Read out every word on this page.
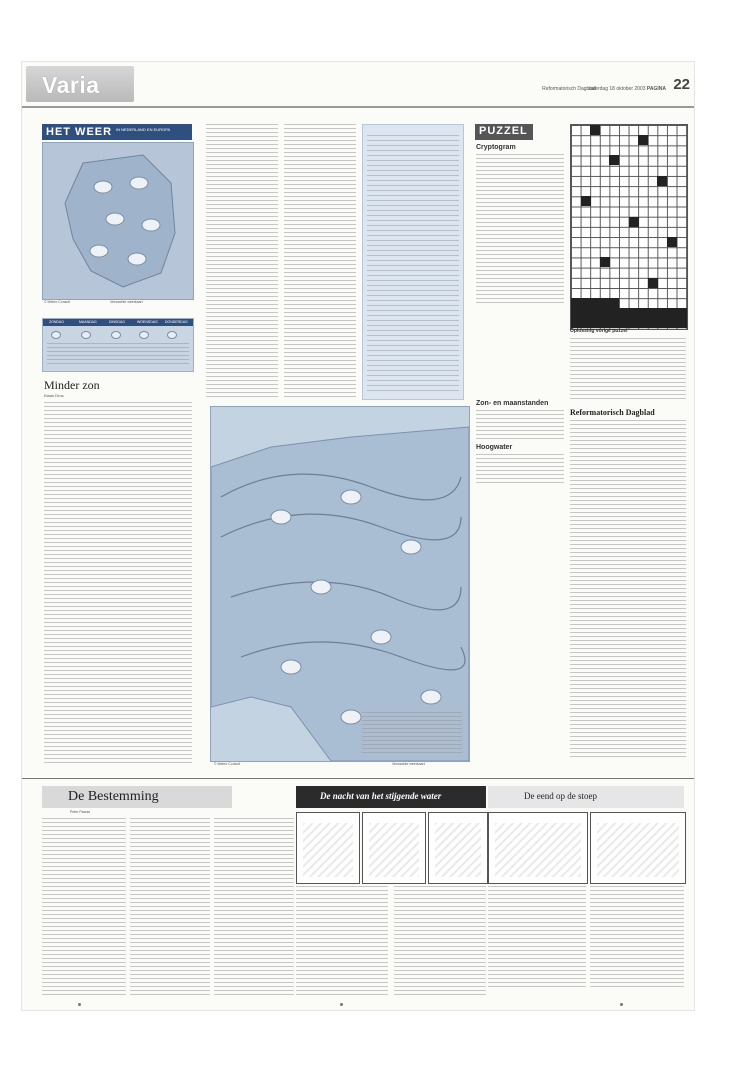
Varia	Reformatorisch Dagblad
zaterdag 18 oktober 2003 PAGINA 22
HET WEER IN NEDERLAND EN EUROPA
© Meteo Consult	Verwachte weerkaart
ZONDAG	MAANDAG	DINSDAG	WOENSDAG DONDERDAG
Minder zon
Klaas Dros
PUZZEL
Cryptogram
Oplossing vorige puzzel
© Meteo Consult	Verwachte weerkaart
Zon- en maanstanden
Hoogwater
Reformatorisch Dagblad
De Bestemming
Peter Paauw
De nacht van het stijgende water	De eend op de stoep
